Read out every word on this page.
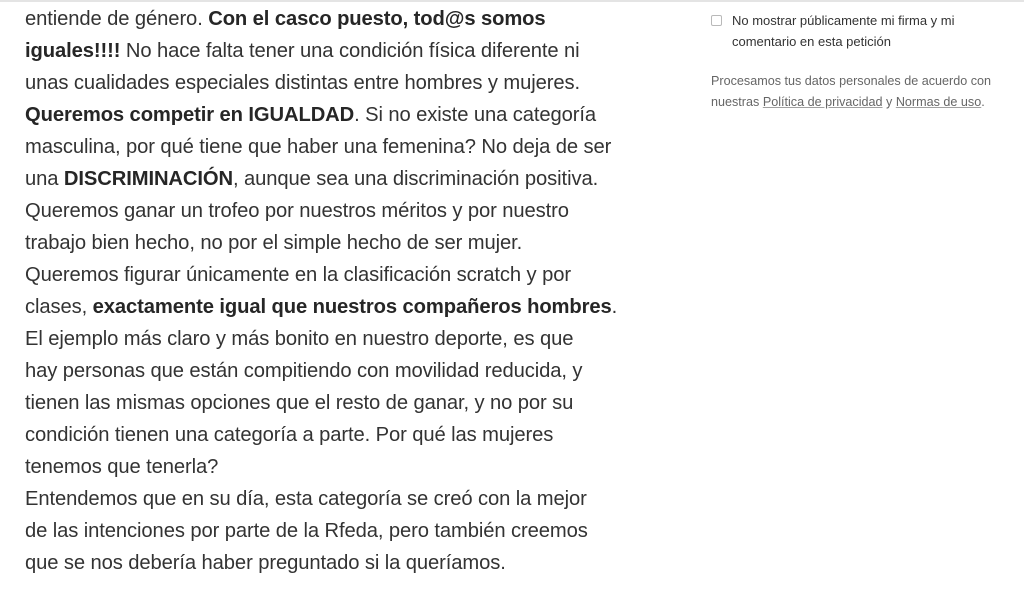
entiende de género. Con el casco puesto, tod@s somos
iguales!!!! No hace falta tener una condición física diferente ni
unas cualidades especiales distintas entre hombres y mujeres.
Queremos competir en IGUALDAD. Si no existe una categoría
masculina, por qué tiene que haber una femenina? No deja de ser
una DISCRIMINACIÓN, aunque sea una discriminación positiva.
Queremos ganar un trofeo por nuestros méritos y por nuestro
trabajo bien hecho, no por el simple hecho de ser mujer.
Queremos figurar únicamente en la clasificación scratch y por
clases, exactamente igual que nuestros compañeros hombres.
El ejemplo más claro y más bonito en nuestro deporte, es que
hay personas que están compitiendo con movilidad reducida, y
tienen las mismas opciones que el resto de ganar, y no por su
condición tienen una categoría a parte. Por qué las mujeres
tenemos que tenerla?
Entendemos que en su día, esta categoría se creó con la mejor
de las intenciones por parte de la Rfeda, pero también creemos
que se nos debería haber preguntado si la queríamos.
No mostrar públicamente mi firma y mi
comentario en esta petición
Procesamos tus datos personales de acuerdo con
nuestras Política de privacidad y Normas de uso.
